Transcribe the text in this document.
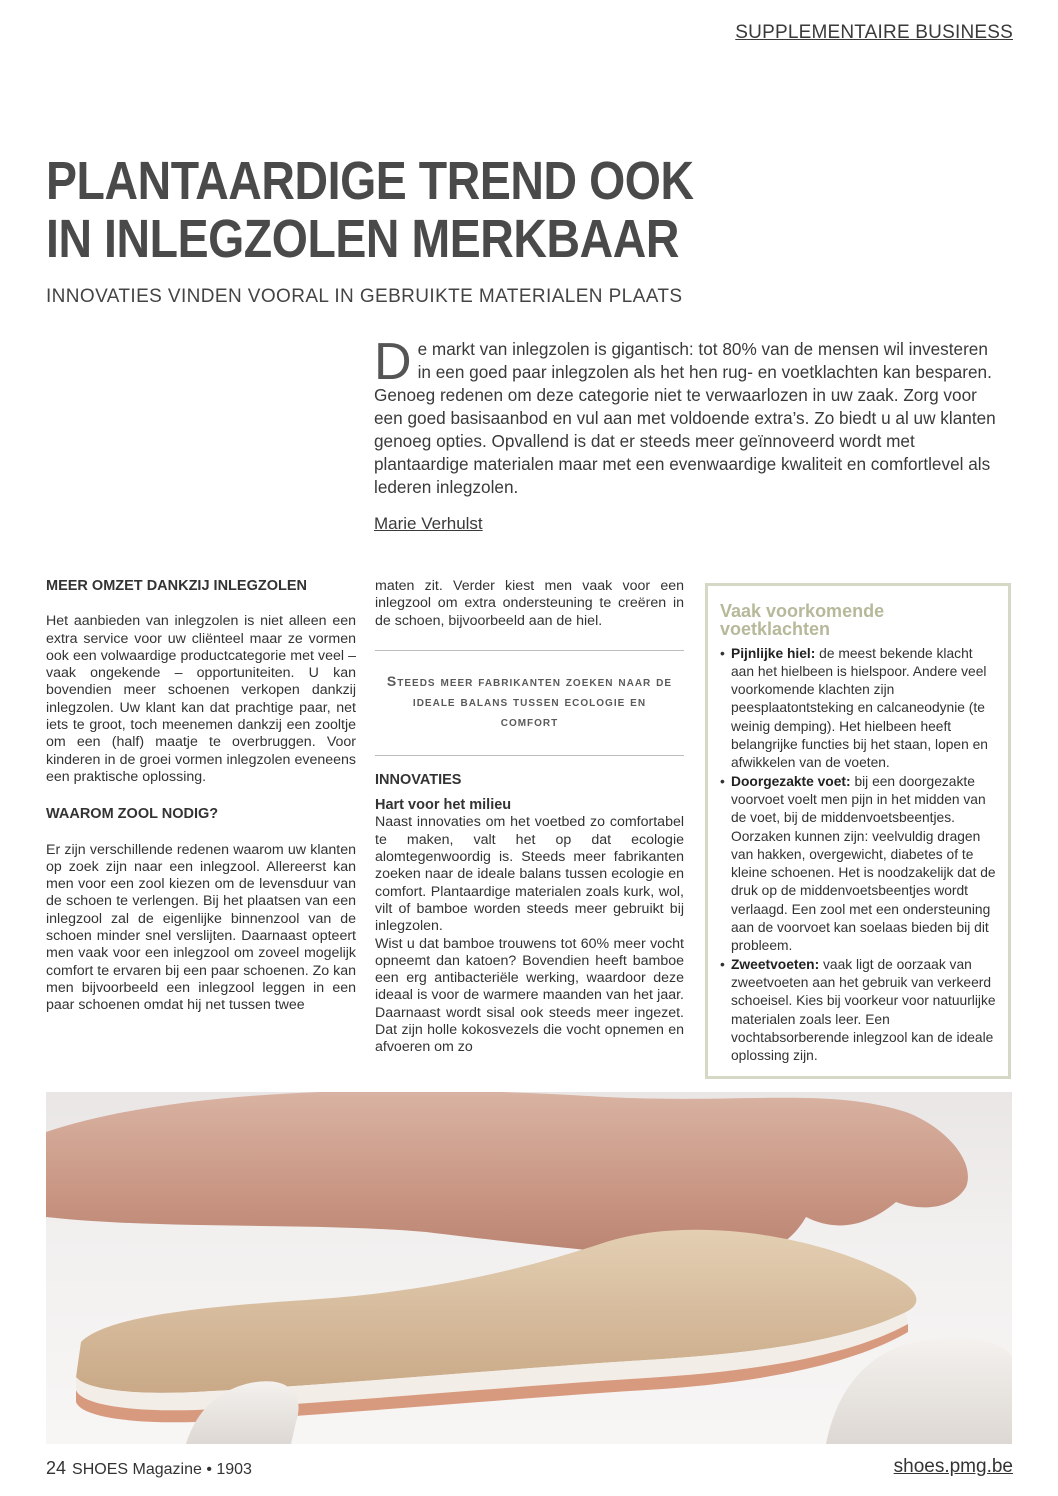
SUPPLEMENTAIRE BUSINESS
PLANTAARDIGE TREND OOK
IN INLEGZOLEN MERKBAAR
INNOVATIES VINDEN VOORAL IN GEBRUIKTE MATERIALEN PLAATS

De markt van inlegzolen is gigantisch: tot 80% van de mensen wil investeren in een goed paar inlegzolen als het hen rug- en voetklachten kan besparen. Genoeg redenen om deze categorie niet te verwaarlozen in uw zaak. Zorg voor een goed basisaanbod en vul aan met voldoende extra’s. Zo biedt u al uw klanten genoeg opties. Opvallend is dat er steeds meer geïnnoveerd wordt met plantaardige materialen maar met een evenwaardige kwaliteit en comfortlevel als lederen inlegzolen.

Marie Verhulst
MEER OMZET DANKZIJ INLEGZOLEN

Het aanbieden van inlegzolen is niet alleen een extra service voor uw cliënteel maar ze vormen ook een volwaardige productcategorie met veel – vaak ongekende – opportuniteiten. U kan bovendien meer schoenen verkopen dankzij inlegzolen. Uw klant kan dat prachtige paar, net iets te groot, toch meenemen dankzij een zooltje om een (half) maatje te overbruggen. Voor kinderen in de groei vormen inlegzolen eveneens een praktische oplossing.

WAAROM ZOOL NODIG?

Er zijn verschillende redenen waarom uw klanten op zoek zijn naar een inlegzool. Allereerst kan men voor een zool kiezen om de levensduur van de schoen te verlengen. Bij het plaatsen van een inlegzool zal de eigenlijke binnenzool van de schoen minder snel verslijten. Daarnaast opteert men vaak voor een inlegzool om zoveel mogelijk comfort te ervaren bij een paar schoenen. Zo kan men bijvoorbeeld een inlegzool leggen in een paar schoenen omdat hij net tussen twee

maten zit. Verder kiest men vaak voor een inlegzool om extra ondersteuning te creëren in de schoen, bijvoorbeeld aan de hiel.

Steeds meer fabrikanten zoeken naar de ideale balans tussen ecologie en comfort
INNOVATIES
Hart voor het milieu

Naast innovaties om het voetbed zo comfortabel te maken, valt het op dat ecologie alomtegenwoordig is. Steeds meer fabrikanten zoeken naar de ideale balans tussen ecologie en comfort. Plantaardige materialen zoals kurk, wol, vilt of bamboe worden steeds meer gebruikt bij inlegzolen.

Wist u dat bamboe trouwens tot 60% meer vocht opneemt dan katoen? Bovendien heeft bamboe een erg antibacteriële werking, waardoor deze ideaal is voor de warmere maanden van het jaar. Daarnaast wordt sisal ook steeds meer ingezet. Dat zijn holle kokosvezels die vocht opnemen en afvoeren om zo

Vaak voorkomende voetklachten
• Pijnlijke hiel: de meest bekende klacht aan het hielbeen is hielspoor. Andere veel voorkomende klachten zijn peesplaatontsteking en calcaneodynie (te weinig demping). Het hielbeen heeft belangrijke functies bij het staan, lopen en afwikkelen van de voeten.
• Doorgezakte voet: bij een doorgezakte voorvoet voelt men pijn in het midden van de voet, bij de middenvoetsbeentjes. Oorzaken kunnen zijn: veelvuldig dragen van hakken, overgewicht, diabetes of te kleine schoenen. Het is noodzakelijk dat de druk op de middenvoetsbeentjes wordt verlaagd. Een zool met een ondersteuning aan de voorvoet kan soelaas bieden bij dit probleem.
• Zweetvoeten: vaak ligt de oorzaak van zweetvoeten aan het gebruik van verkeerd schoeisel. Kies bij voorkeur voor natuurlijke materialen zoals leer. Een vochtabsorberende inlegzool kan de ideale oplossing zijn.
24 SHOES Magazine • 1903	shoes.pmg.be
